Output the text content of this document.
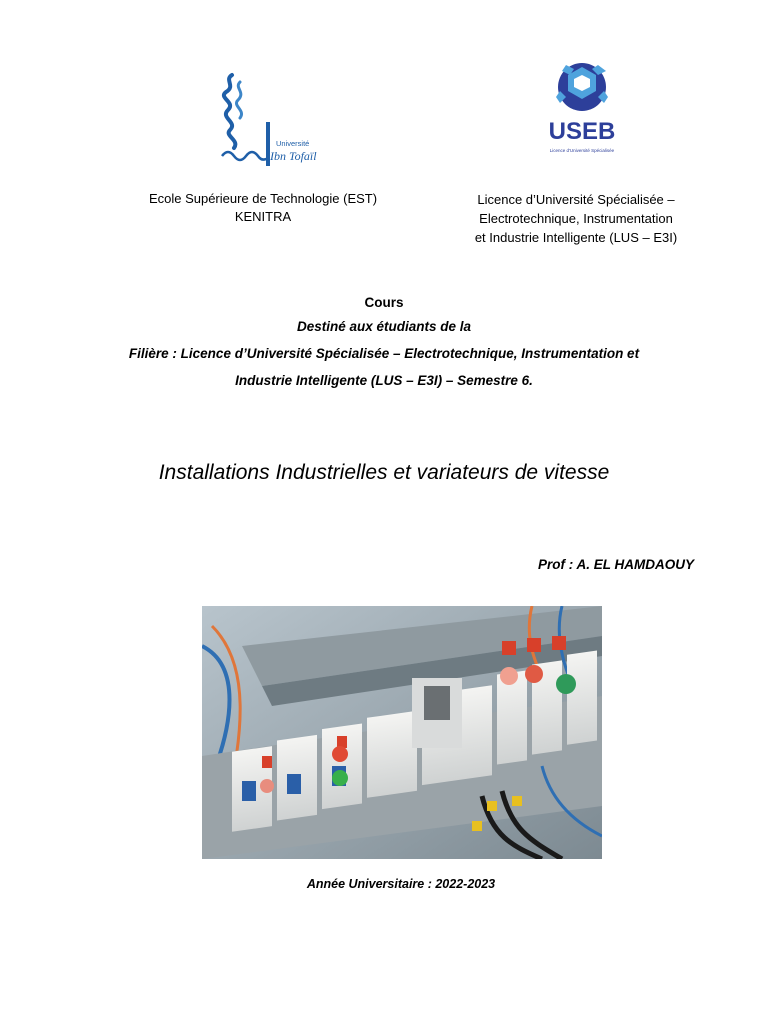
Université
Ibn Tofaïl
USEB
Licence d'Université Spécialisée
Ecole Supérieure de Technologie (EST)
KENITRA
Licence d’Université Spécialisée –
Electrotechnique, Instrumentation
et Industrie Intelligente (LUS – E3I)
Cours
Destiné aux étudiants de la
Filière : Licence d’Université Spécialisée – Electrotechnique, Instrumentation et
Industrie Intelligente (LUS – E3I) – Semestre 6.
Installations Industrielles et variateurs de vitesse
Prof : A. EL HAMDAOUY
Année Universitaire : 2022-2023
